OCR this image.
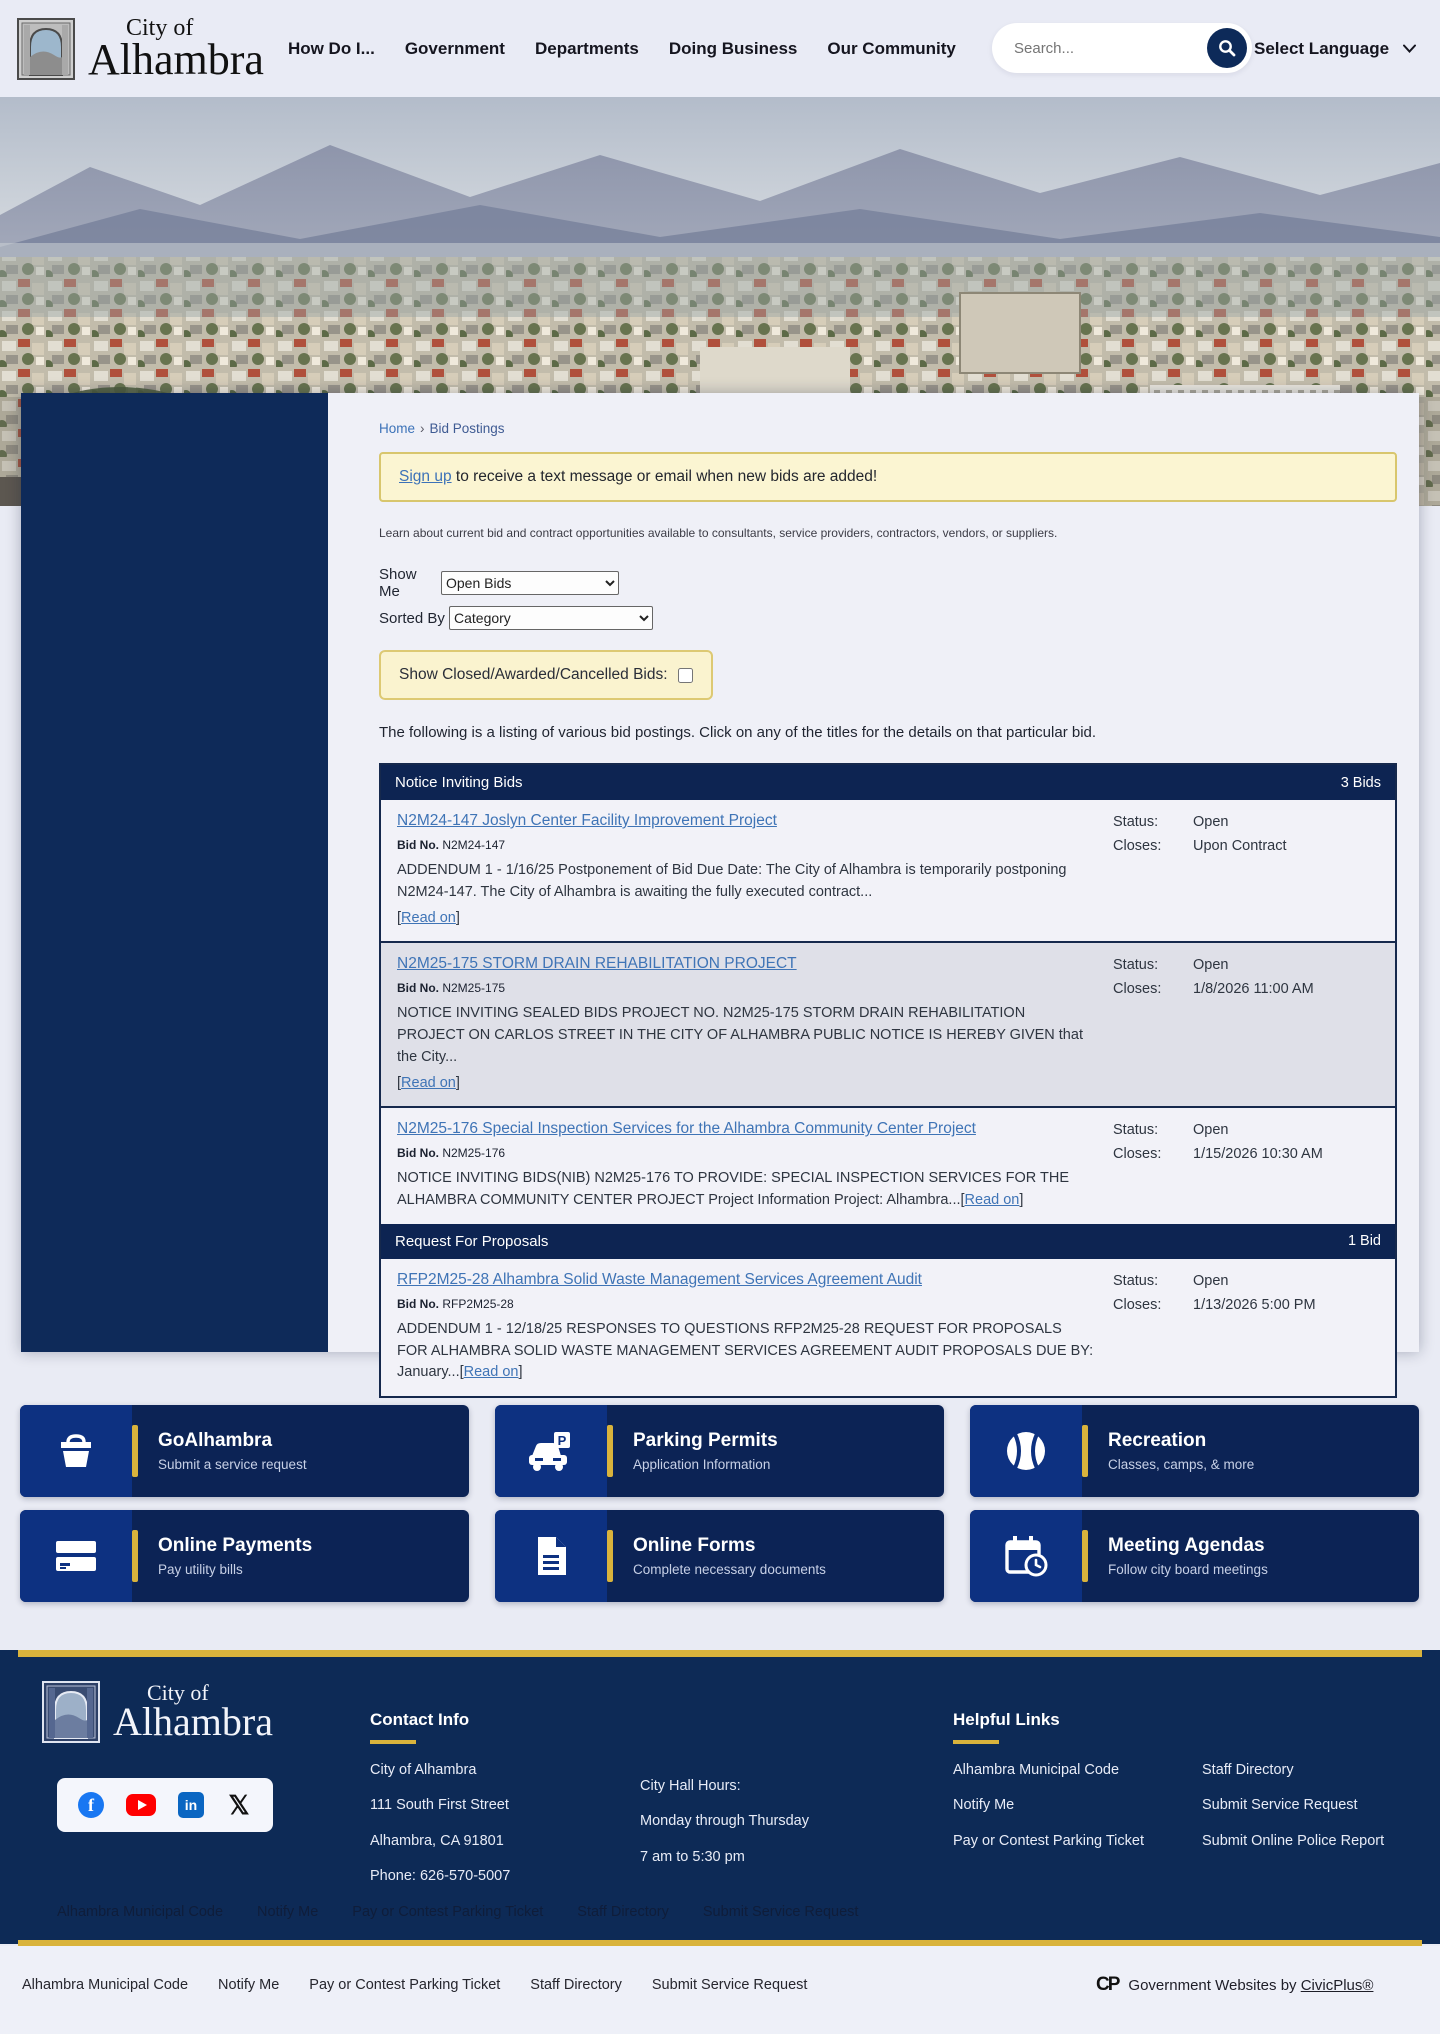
City of
Alhambra How Do I... Government Departments Doing Business Our Community
Search...	Select Language
Home › Bid Postings
Sign up to receive a text message or email when new bids are added!
Learn about current bid and contract opportunities available to consultants, service providers, contractors, vendors, or suppliers.
Show Me
Open Bids
Sorted By
Category
Show Closed/Awarded/Cancelled Bids:
The following is a listing of various bid postings. Click on any of the titles for the details on that particular bid.
Notice Inviting Bids	3 Bids
N2M24-147 Joslyn Center Facility Improvement Project
Bid No. N2M24-147
ADDENDUM 1 - 1/16/25 Postponement of Bid Due Date: The City of Alhambra is temporarily postponing N2M24-147. The City of Alhambra is awaiting the fully executed contract...
[Read on]
Status:	Open
Closes:	Upon Contract
N2M25-175 STORM DRAIN REHABILITATION PROJECT
Bid No. N2M25-175
NOTICE INVITING SEALED BIDS PROJECT NO. N2M25-175 STORM DRAIN REHABILITATION PROJECT ON CARLOS STREET IN THE CITY OF ALHAMBRA PUBLIC NOTICE IS HEREBY GIVEN that the City...
[Read on]
Status:	Open
Closes:	1/8/2026 11:00 AM
N2M25-176 Special Inspection Services for the Alhambra Community Center Project
Bid No. N2M25-176
NOTICE INVITING BIDS(NIB) N2M25-176 TO PROVIDE: SPECIAL INSPECTION SERVICES FOR THE ALHAMBRA COMMUNITY CENTER PROJECT Project Information Project: Alhambra...[Read on]
Status:	Open
Closes:	1/15/2026 10:30 AM
Request For Proposals	1 Bid
RFP2M25-28 Alhambra Solid Waste Management Services Agreement Audit
Bid No. RFP2M25-28
ADDENDUM 1 - 12/18/25 RESPONSES TO QUESTIONS RFP2M25-28 REQUEST FOR PROPOSALS FOR ALHAMBRA SOLID WASTE MANAGEMENT SERVICES AGREEMENT AUDIT PROPOSALS DUE BY: January...[Read on]
Status:	Open
Closes:	1/13/2026 5:00 PM
GoAlhambra
Submit a service request
P	Parking Permits
Application Information
Recreation
Classes, camps, & more
Online Payments
Pay utility bills
Online Forms
Complete necessary documents
Meeting Agendas
Follow city board meetings
City of
Alhambra
f	in 𝕏
Contact Info
City of Alhambra
111 South First Street
Alhambra, CA 91801
Phone: 626-570-5007
City Hall Hours:
Monday through Thursday
7 am to 5:30 pm
Helpful Links
Alhambra Municipal Code
Notify Me
Pay or Contest Parking Ticket
Staff Directory
Submit Service Request
Submit Online Police Report
Alhambra Municipal Code Notify Me Pay or Contest Parking Ticket Staff Directory Submit Service Request
Alhambra Municipal Code Notify Me Pay or Contest Parking Ticket Staff Directory Submit Service Request	CP Government Websites by CivicPlus®
